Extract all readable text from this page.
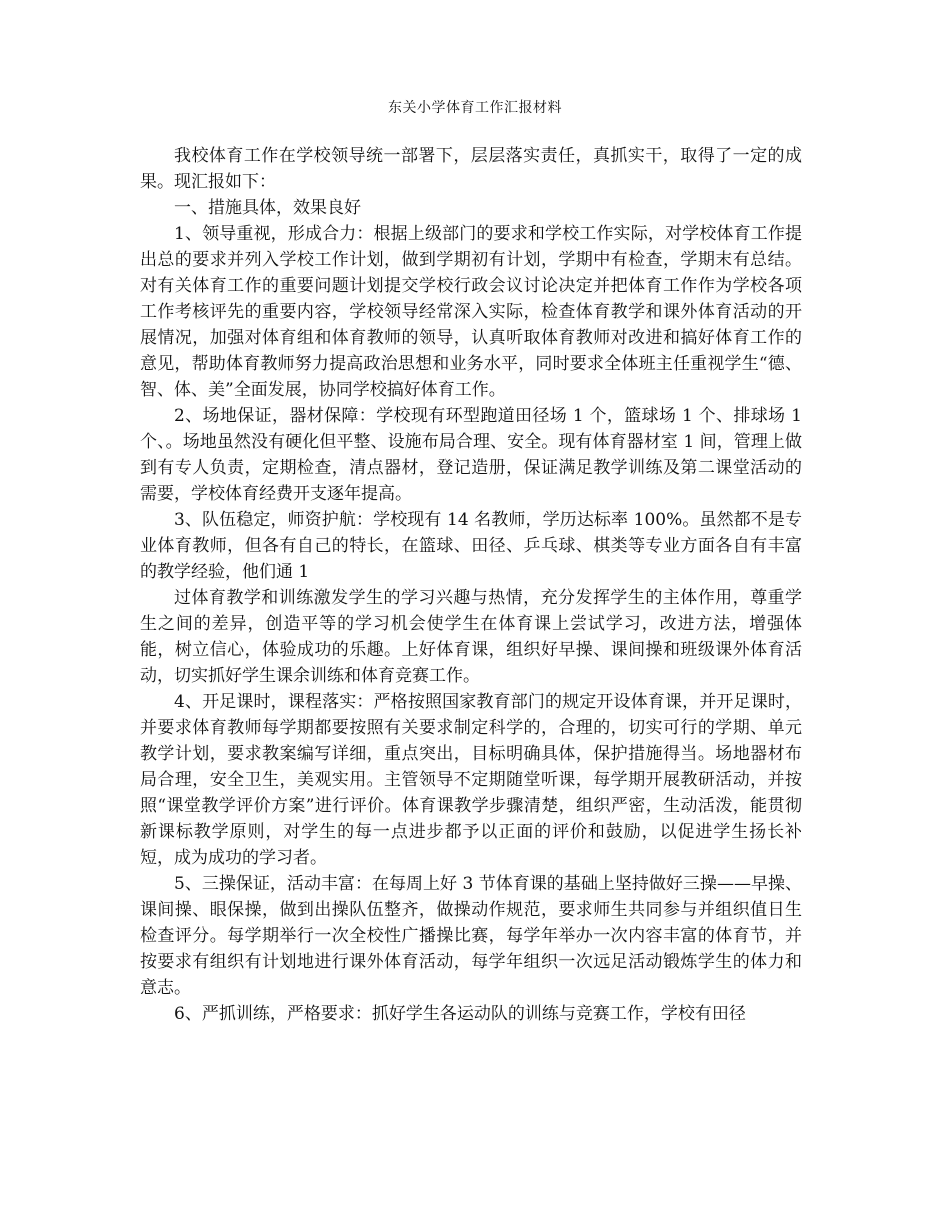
东关小学体育工作汇报材料

我校体育工作在学校领导统一部署下，层层落实责任，真抓实干，取得了一定的成果。现汇报如下：

一、措施具体，效果良好

1、领导重视，形成合力：根据上级部门的要求和学校工作实际，对学校体育工作提出总的要求并列入学校工作计划，做到学期初有计划，学期中有检查，学期末有总结。对有关体育工作的重要问题计划提交学校行政会议讨论决定并把体育工作作为学校各项工作考核评先的重要内容，学校领导经常深入实际，检查体育教学和课外体育活动的开展情况，加强对体育组和体育教师的领导，认真听取体育教师对改进和搞好体育工作的意见，帮助体育教师努力提高政治思想和业务水平，同时要求全体班主任重视学生“德、智、体、美”全面发展，协同学校搞好体育工作。

2、场地保证，器材保障：学校现有环型跑道田径场 1 个，篮球场 1 个、排球场 1 个、。场地虽然没有硬化但平整、设施布局合理、安全。现有体育器材室 1 间，管理上做到有专人负责，定期检查，清点器材，登记造册，保证满足教学训练及第二课堂活动的需要，学校体育经费开支逐年提高。

3、队伍稳定，师资护航：学校现有 14 名教师，学历达标率 100%。虽然都不是专业体育教师，但各有自己的特长，在篮球、田径、乒乓球、棋类等专业方面各自有丰富的教学经验，他们通 1

过体育教学和训练激发学生的学习兴趣与热情，充分发挥学生的主体作用，尊重学生之间的差异，创造平等的学习机会使学生在体育课上尝试学习，改进方法，增强体能，树立信心，体验成功的乐趣。上好体育课，组织好早操、课间操和班级课外体育活动，切实抓好学生课余训练和体育竞赛工作。

4、开足课时，课程落实：严格按照国家教育部门的规定开设体育课，并开足课时，并要求体育教师每学期都要按照有关要求制定科学的，合理的，切实可行的学期、单元教学计划，要求教案编写详细，重点突出，目标明确具体，保护措施得当。场地器材布局合理，安全卫生，美观实用。主管领导不定期随堂听课，每学期开展教研活动，并按照“课堂教学评价方案”进行评价。体育课教学步骤清楚，组织严密，生动活泼，能贯彻新课标教学原则，对学生的每一点进步都予以正面的评价和鼓励，以促进学生扬长补短，成为成功的学习者。

5、三操保证，活动丰富：在每周上好 3 节体育课的基础上坚持做好三操——早操、课间操、眼保操，做到出操队伍整齐，做操动作规范，要求师生共同参与并组织值日生检查评分。每学期举行一次全校性广播操比赛，每学年举办一次内容丰富的体育节，并按要求有组织有计划地进行课外体育活动，每学年组织一次远足活动锻炼学生的体力和意志。

6、严抓训练，严格要求：抓好学生各运动队的训练与竞赛工作，学校有田径
